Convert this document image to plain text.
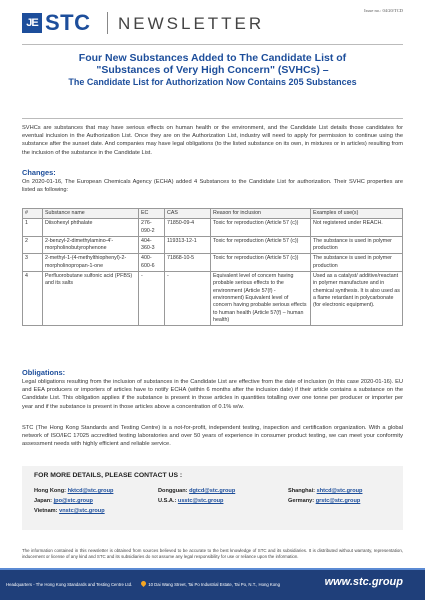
JE STC NEWSLETTER
Issue no.: 04/20/TCD
Four New Substances Added to The Candidate List of
"Substances of Very High Concern" (SVHCs) –
The Candidate List for Authorization Now Contains 205 Substances
SVHCs are substances that may have serious effects on human health or the environment, and the Candidate List details those candidates for eventual inclusion in the Authorization List. Once they are on the Authorization List, industry will need to apply for permission to continue using the substance after the sunset date. And companies may have legal obligations (to the listed substance on its own, in mixtures or in articles) resulting from the inclusion of the substance in the Candidate List.
Changes:
On 2020-01-16, The European Chemicals Agency (ECHA) added 4 Substances to the Candidate List for authorization. Their SVHC properties are listed as following:
#	Substance name	EC	CAS	Reason for inclusion	Examples of use(s)
1	Diisohexyl phthalate	276-090-2	71850-09-4	Toxic for reproduction (Article 57 (c))	Not registered under REACH.
2	2-benzyl-2-dimethylamino-4'-morpholinobutyrophenone	404-360-3	119313-12-1	Toxic for reproduction (Article 57 (c))	The substance is used in polymer production
3	2-methyl-1-(4-methylthiophenyl)-2-morpholinopropan-1-one	400-600-6	71868-10-5	Toxic for reproduction (Article 57 (c))	The substance is used in polymer production
4	Perfluorobutane sulfonic acid (PFBS) and its salts	-	-	Equivalent level of concern having probable serious effects to the environment (Article 57(f) - environment) Equivalent level of concern having probable serious effects to human health (Article 57(f) – human health)	Used as a catalyst/ additive/reactant in polymer manufacture and in chemical synthesis. It is also used as a flame retardant in polycarbonate (for electronic equipment).
Obligations:
Legal obligations resulting from the inclusion of substances in the Candidate List are effective from the date of inclusion (in this case 2020-01-16). EU and EEA producers or importers of articles have to notify ECHA (within 6 months after the inclusion date) if their article contains a substance on the Candidate List. This obligation applies if the substance is present in those articles in quantities totalling over one tonne per producer or importer per year and if the substance is present in those articles above a concentration of 0.1% w/w.
STC (The Hong Kong Standards and Testing Centre) is a not-for-profit, independent testing, inspection and certification organization. With a global network of ISO/IEC 17025 accredited testing laboratories and over 50 years of experience in consumer product testing, we can meet your conformity assessment needs with highly efficient and reliable service.
FOR MORE DETAILS, PLEASE CONTACT US :
Hong Kong: hktcd@stc.group	Dongguan: dgtcd@stc.group	Shanghai: shtcd@stc.group
Japan: jpo@stc.group	U.S.A.: usstc@stc.group	Germany: grstc@stc.group
Vietnam: vnstc@stc.group
The information contained in this newsletter is obtained from sources believed to be accurate to the best knowledge of STC and its subsidiaries. It is distributed without warranty, representation, inducement or license of any kind and STC and its subsidiaries do not assume any legal responsibility for use or reliance upon the information.
Headquarters - The Hong Kong Standards and Testing Centre Ltd.	10 Dai Wang Street, Tai Po Industrial Estate, Tai Po, N.T., Hong Kong	www.stc.group
